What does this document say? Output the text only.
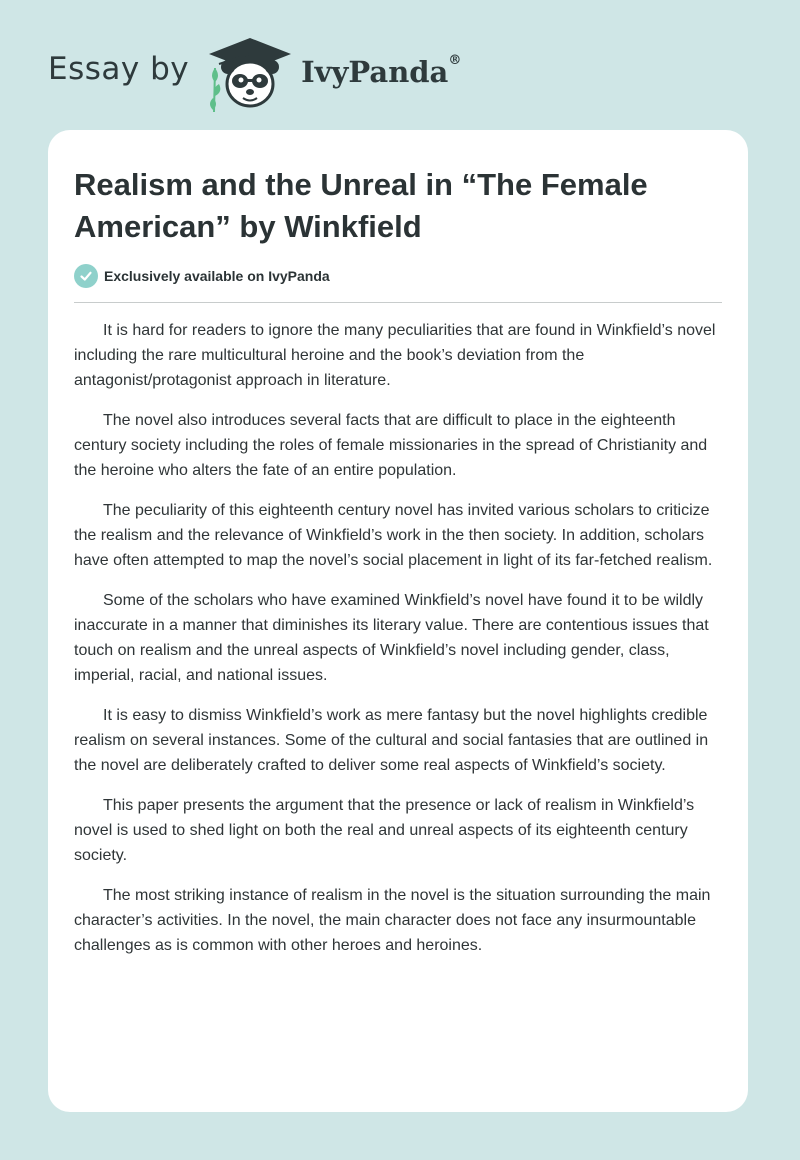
Essay by	IvyPanda®
Realism and the Unreal in “The Female American” by Winkfield
Exclusively available on IvyPanda

It is hard for readers to ignore the many peculiarities that are found in Winkfield’s novel including the rare multicultural heroine and the book’s deviation from the antagonist/protagonist approach in literature.

The novel also introduces several facts that are difficult to place in the eighteenth century society including the roles of female missionaries in the spread of Christianity and the heroine who alters the fate of an entire population.

The peculiarity of this eighteenth century novel has invited various scholars to criticize the realism and the relevance of Winkfield’s work in the then society. In addition, scholars have often attempted to map the novel’s social placement in light of its far-fetched realism.

Some of the scholars who have examined Winkfield’s novel have found it to be wildly inaccurate in a manner that diminishes its literary value. There are contentious issues that touch on realism and the unreal aspects of Winkfield’s novel including gender, class, imperial, racial, and national issues.

It is easy to dismiss Winkfield’s work as mere fantasy but the novel highlights credible realism on several instances. Some of the cultural and social fantasies that are outlined in the novel are deliberately crafted to deliver some real aspects of Winkfield’s society.

This paper presents the argument that the presence or lack of realism in Winkfield’s novel is used to shed light on both the real and unreal aspects of its eighteenth century society.

The most striking instance of realism in the novel is the situation surrounding the main character’s activities. In the novel, the main character does not face any insurmountable challenges as is common with other heroes and heroines.
